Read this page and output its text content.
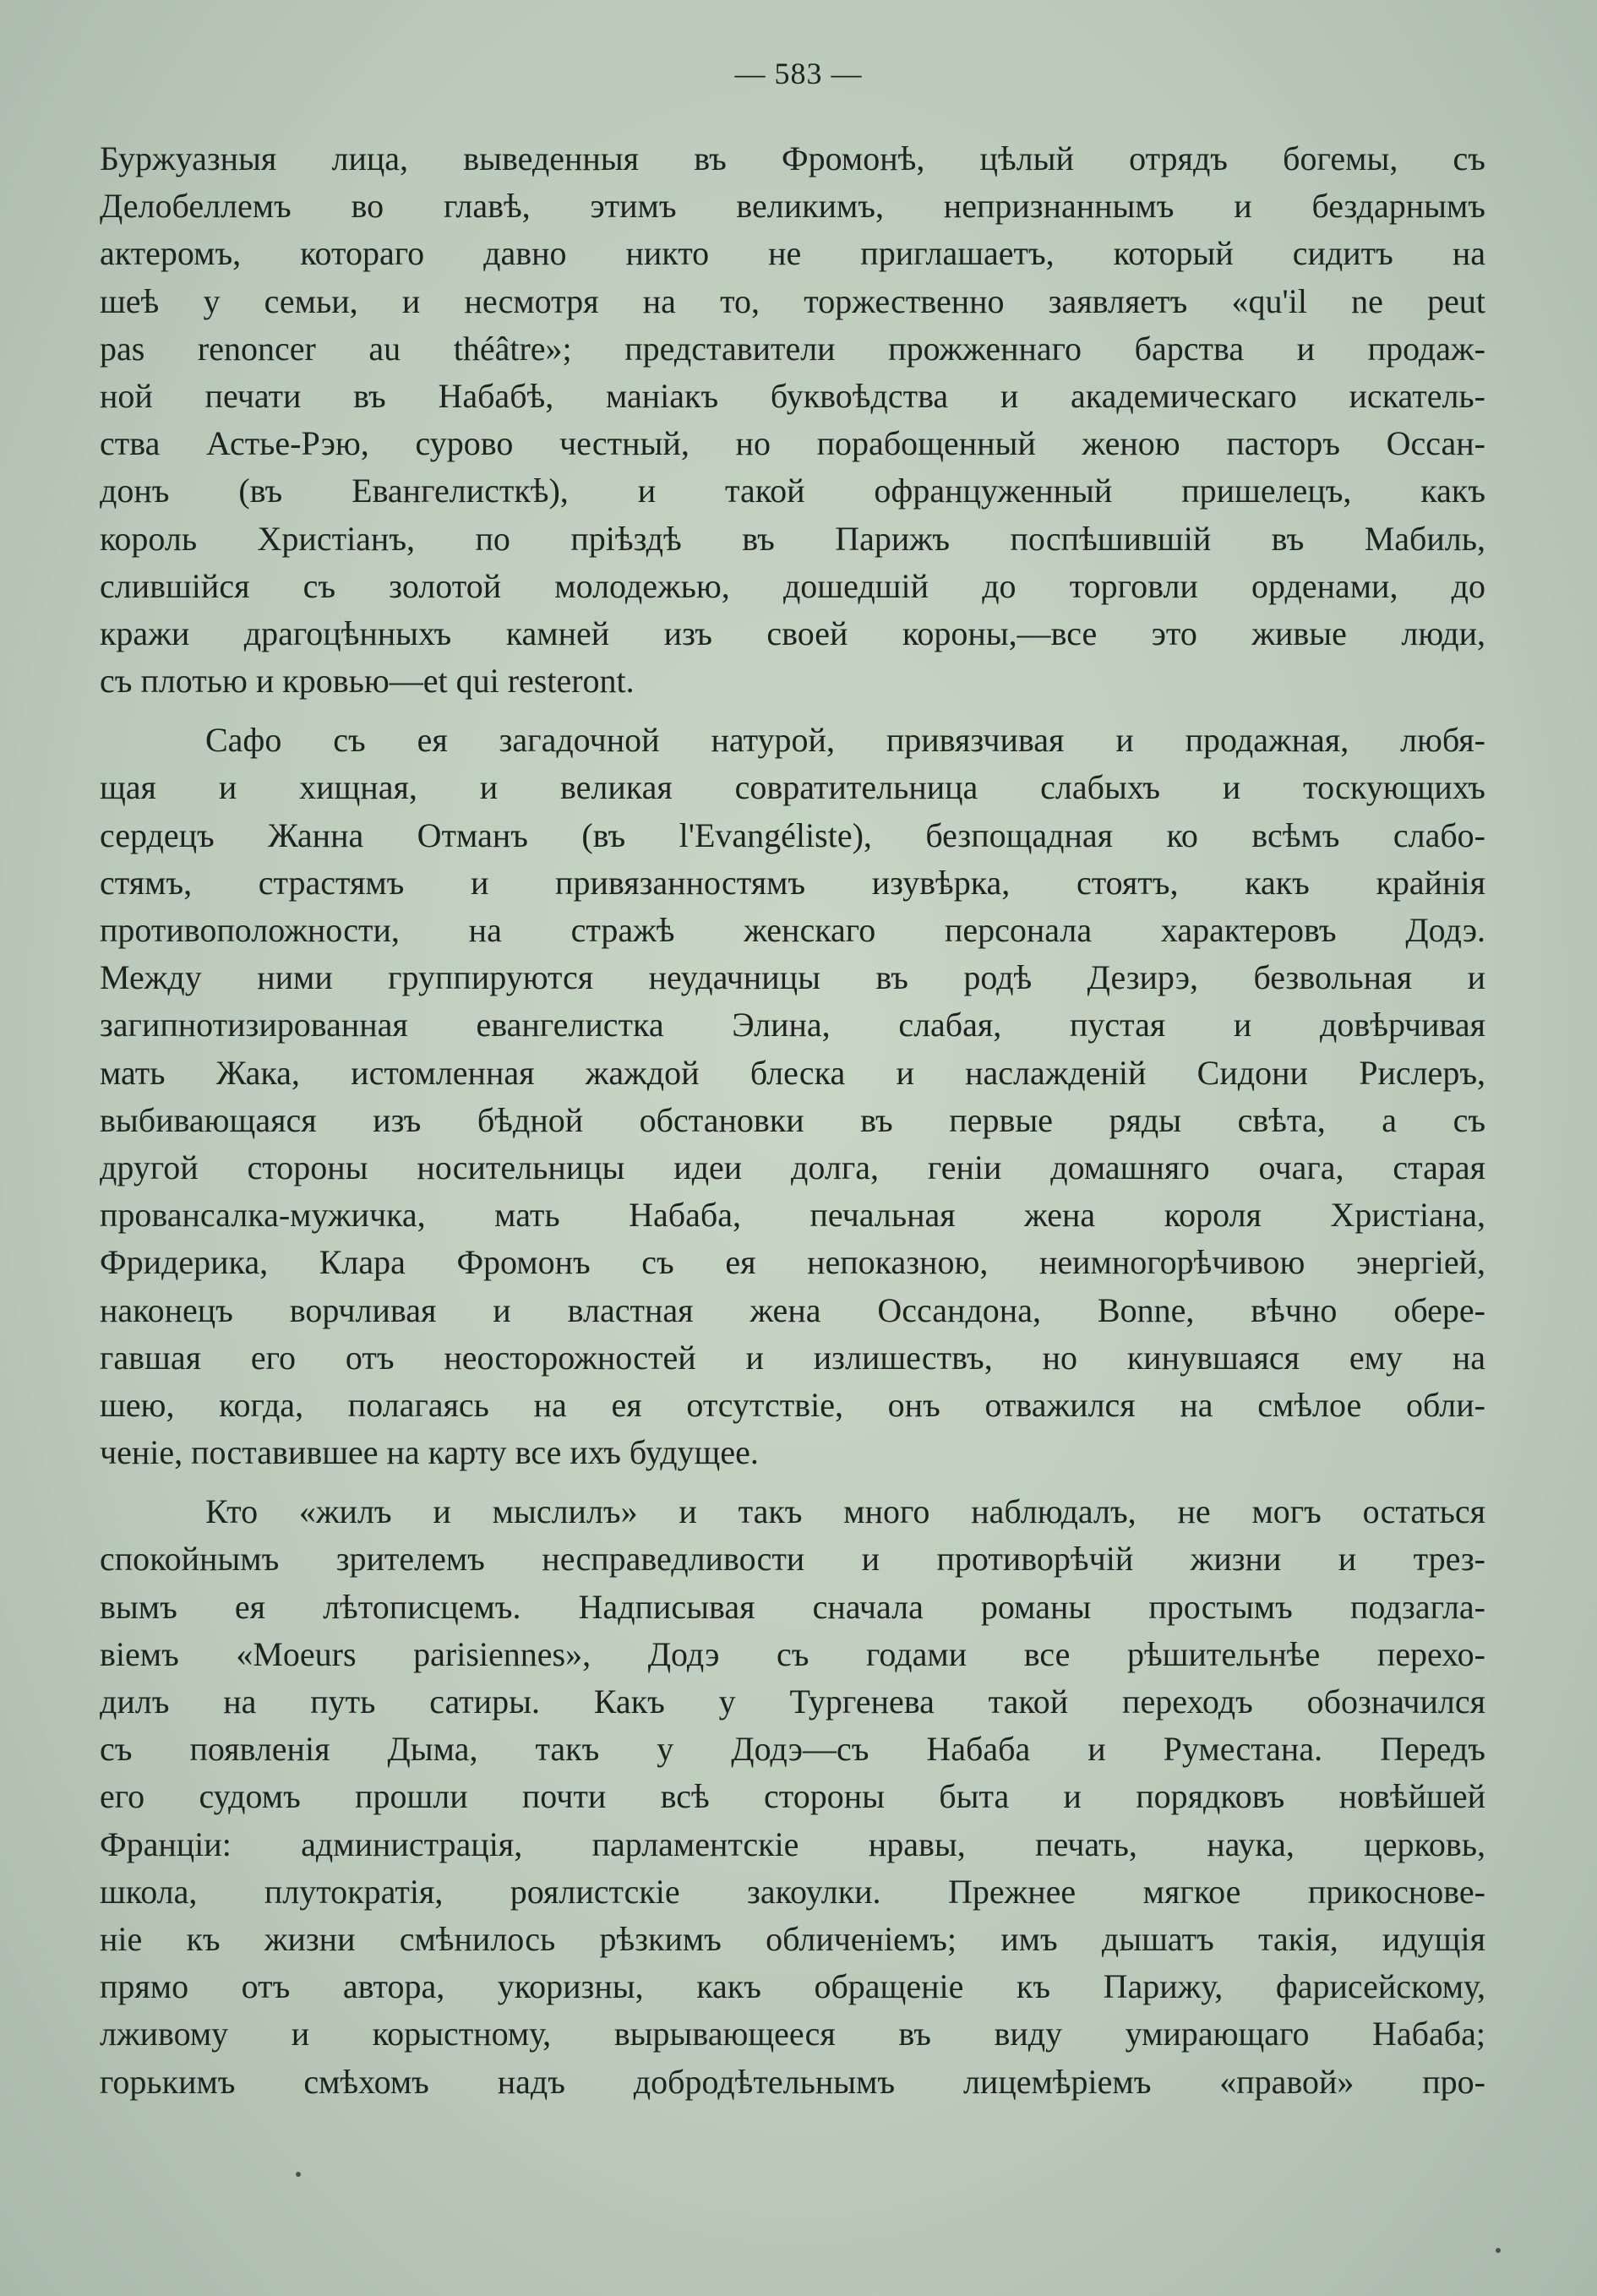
— 583 —
Буржуазныя лица, выведенныя въ Фромонѣ, цѣлый отрядъ богемы, съ
Делобеллемъ во главѣ, этимъ великимъ, непризнаннымъ и бездарнымъ
актеромъ, котораго давно никто не приглашаетъ, который сидитъ на
шеѣ у семьи, и несмотря на то, торжественно заявляетъ «qu'il ne peut
pas renoncer au théâtre»; представители прожженнаго барства и продаж-
ной печати въ Набабѣ, маніакъ буквоѣдства и академическаго искатель-
ства Астье-Рэю, сурово честный, но порабощенный женою пасторъ Оссан-
донъ (въ Евангелисткѣ), и такой офранцуженный пришелецъ, какъ
король Христіанъ, по пріѣздѣ въ Парижъ поспѣшившій въ Мабиль,
слившійся съ золотой молодежью, дошедшій до торговли орденами, до
кражи драгоцѣнныхъ камней изъ своей короны,—все это живые люди,
съ плотью и кровью—et qui resteront.
Сафо съ ея загадочной натурой, привязчивая и продажная, любя-
щая и хищная, и великая совратительница слабыхъ и тоскующихъ
сердецъ Жанна Отманъ (въ l'Evangéliste), безпощадная ко всѣмъ слабо-
стямъ, страстямъ и привязанностямъ изувѣрка, стоятъ, какъ крайнія
противоположности, на стражѣ женскаго персонала характеровъ Додэ.
Между ними группируются неудачницы въ родѣ Дезирэ, безвольная и
загипнотизированная евангелистка Элина, слабая, пустая и довѣрчивая
мать Жака, истомленная жаждой блеска и наслажденій Сидони Рислеръ,
выбивающаяся изъ бѣдной обстановки въ первые ряды свѣта, а съ
другой стороны носительницы идеи долга, геніи домашняго очага, старая
провансалка-мужичка, мать Набаба, печальная жена короля Христіана,
Фридерика, Клара Фромонъ съ ея непоказною, неимногорѣчивою энергіей,
наконецъ ворчливая и властная жена Оссандона, Bonne, вѣчно обере-
гавшая его отъ неосторожностей и излишествъ, но кинувшаяся ему на
шею, когда, полагаясь на ея отсутствіе, онъ отважился на смѣлое обли-
ченіе, поставившее на карту все ихъ будущее.
Кто «жилъ и мыслилъ» и такъ много наблюдалъ, не могъ остаться
спокойнымъ зрителемъ несправедливости и противорѣчій жизни и трез-
вымъ ея лѣтописцемъ. Надписывая сначала романы простымъ подзагла-
віемъ «Moeurs parisiennes», Додэ съ годами все рѣшительнѣе перехо-
дилъ на путь сатиры. Какъ у Тургенева такой переходъ обозначился
съ появленія Дыма, такъ у Додэ—съ Набаба и Руместана. Передъ
его судомъ прошли почти всѣ стороны быта и порядковъ новѣйшей
Франціи: администрація, парламентскіе нравы, печать, наука, церковь,
школа, плутократія, роялистскіе закоулки. Прежнее мягкое прикоснове-
ніе къ жизни смѣнилось рѣзкимъ обличеніемъ; имъ дышатъ такія, идущія
прямо отъ автора, укоризны, какъ обращеніе къ Парижу, фарисейскому,
лживому и корыстному, вырывающееся въ виду умирающаго Набаба;
горькимъ смѣхомъ надъ добродѣтельнымъ лицемѣріемъ «правой» про-
